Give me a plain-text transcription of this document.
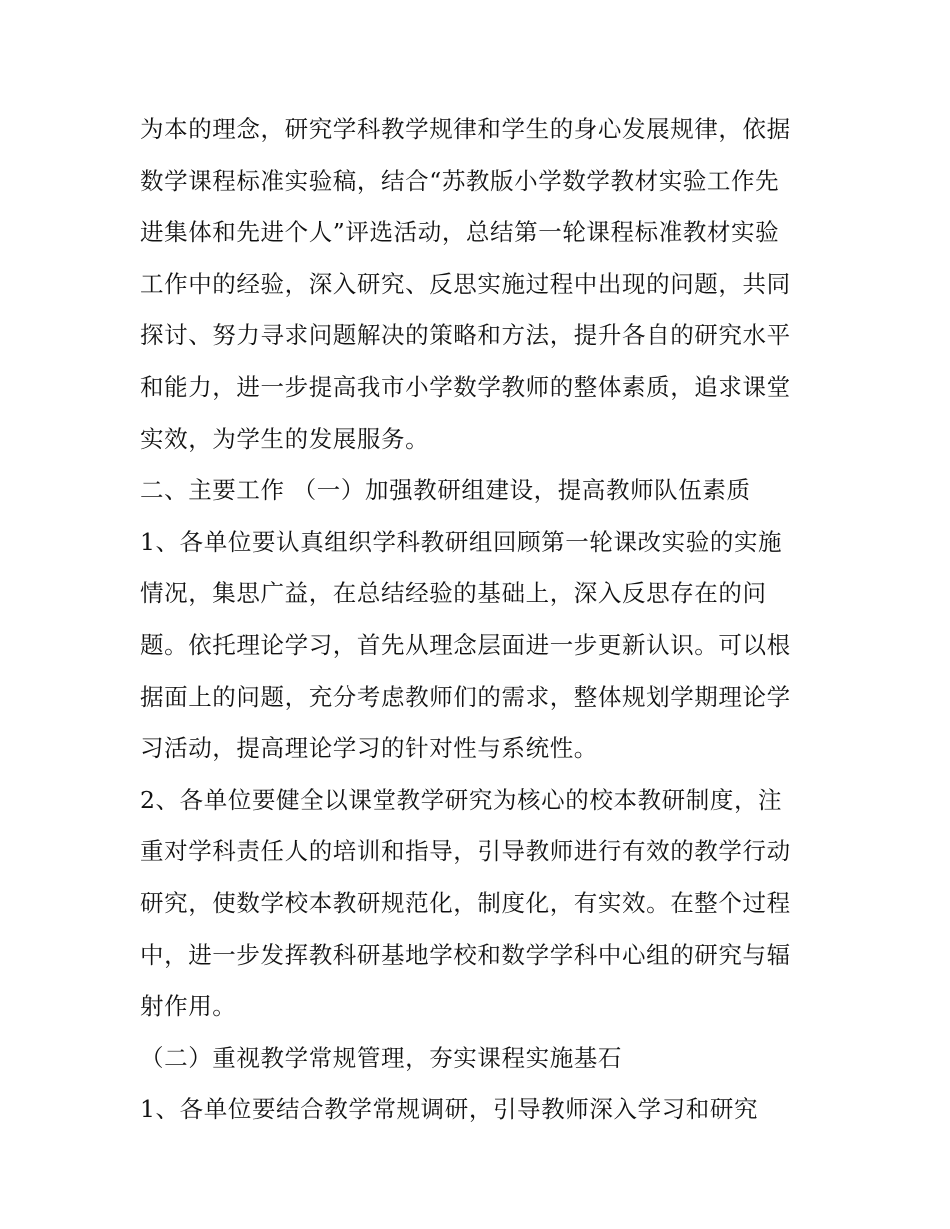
为本的理念，研究学科教学规律和学生的身心发展规律，依据
数学课程标准实验稿，结合“苏教版小学数学教材实验工作先
进集体和先进个人”评选活动，总结第一轮课程标准教材实验
工作中的经验，深入研究、反思实施过程中出现的问题，共同
探讨、努力寻求问题解决的策略和方法，提升各自的研究水平
和能力，进一步提高我市小学数学教师的整体素质，追求课堂
实效，为学生的发展服务。
二、主要工作 （一）加强教研组建设，提高教师队伍素质
1、各单位要认真组织学科教研组回顾第一轮课改实验的实施
情况，集思广益，在总结经验的基础上，深入反思存在的问
题。依托理论学习，首先从理念层面进一步更新认识。可以根
据面上的问题，充分考虑教师们的需求，整体规划学期理论学
习活动，提高理论学习的针对性与系统性。
2、各单位要健全以课堂教学研究为核心的校本教研制度，注
重对学科责任人的培训和指导，引导教师进行有效的教学行动
研究，使数学校本教研规范化，制度化，有实效。在整个过程
中，进一步发挥教科研基地学校和数学学科中心组的研究与辐
射作用。
（二）重视教学常规管理，夯实课程实施基石
1、各单位要结合教学常规调研，引导教师深入学习和研究
